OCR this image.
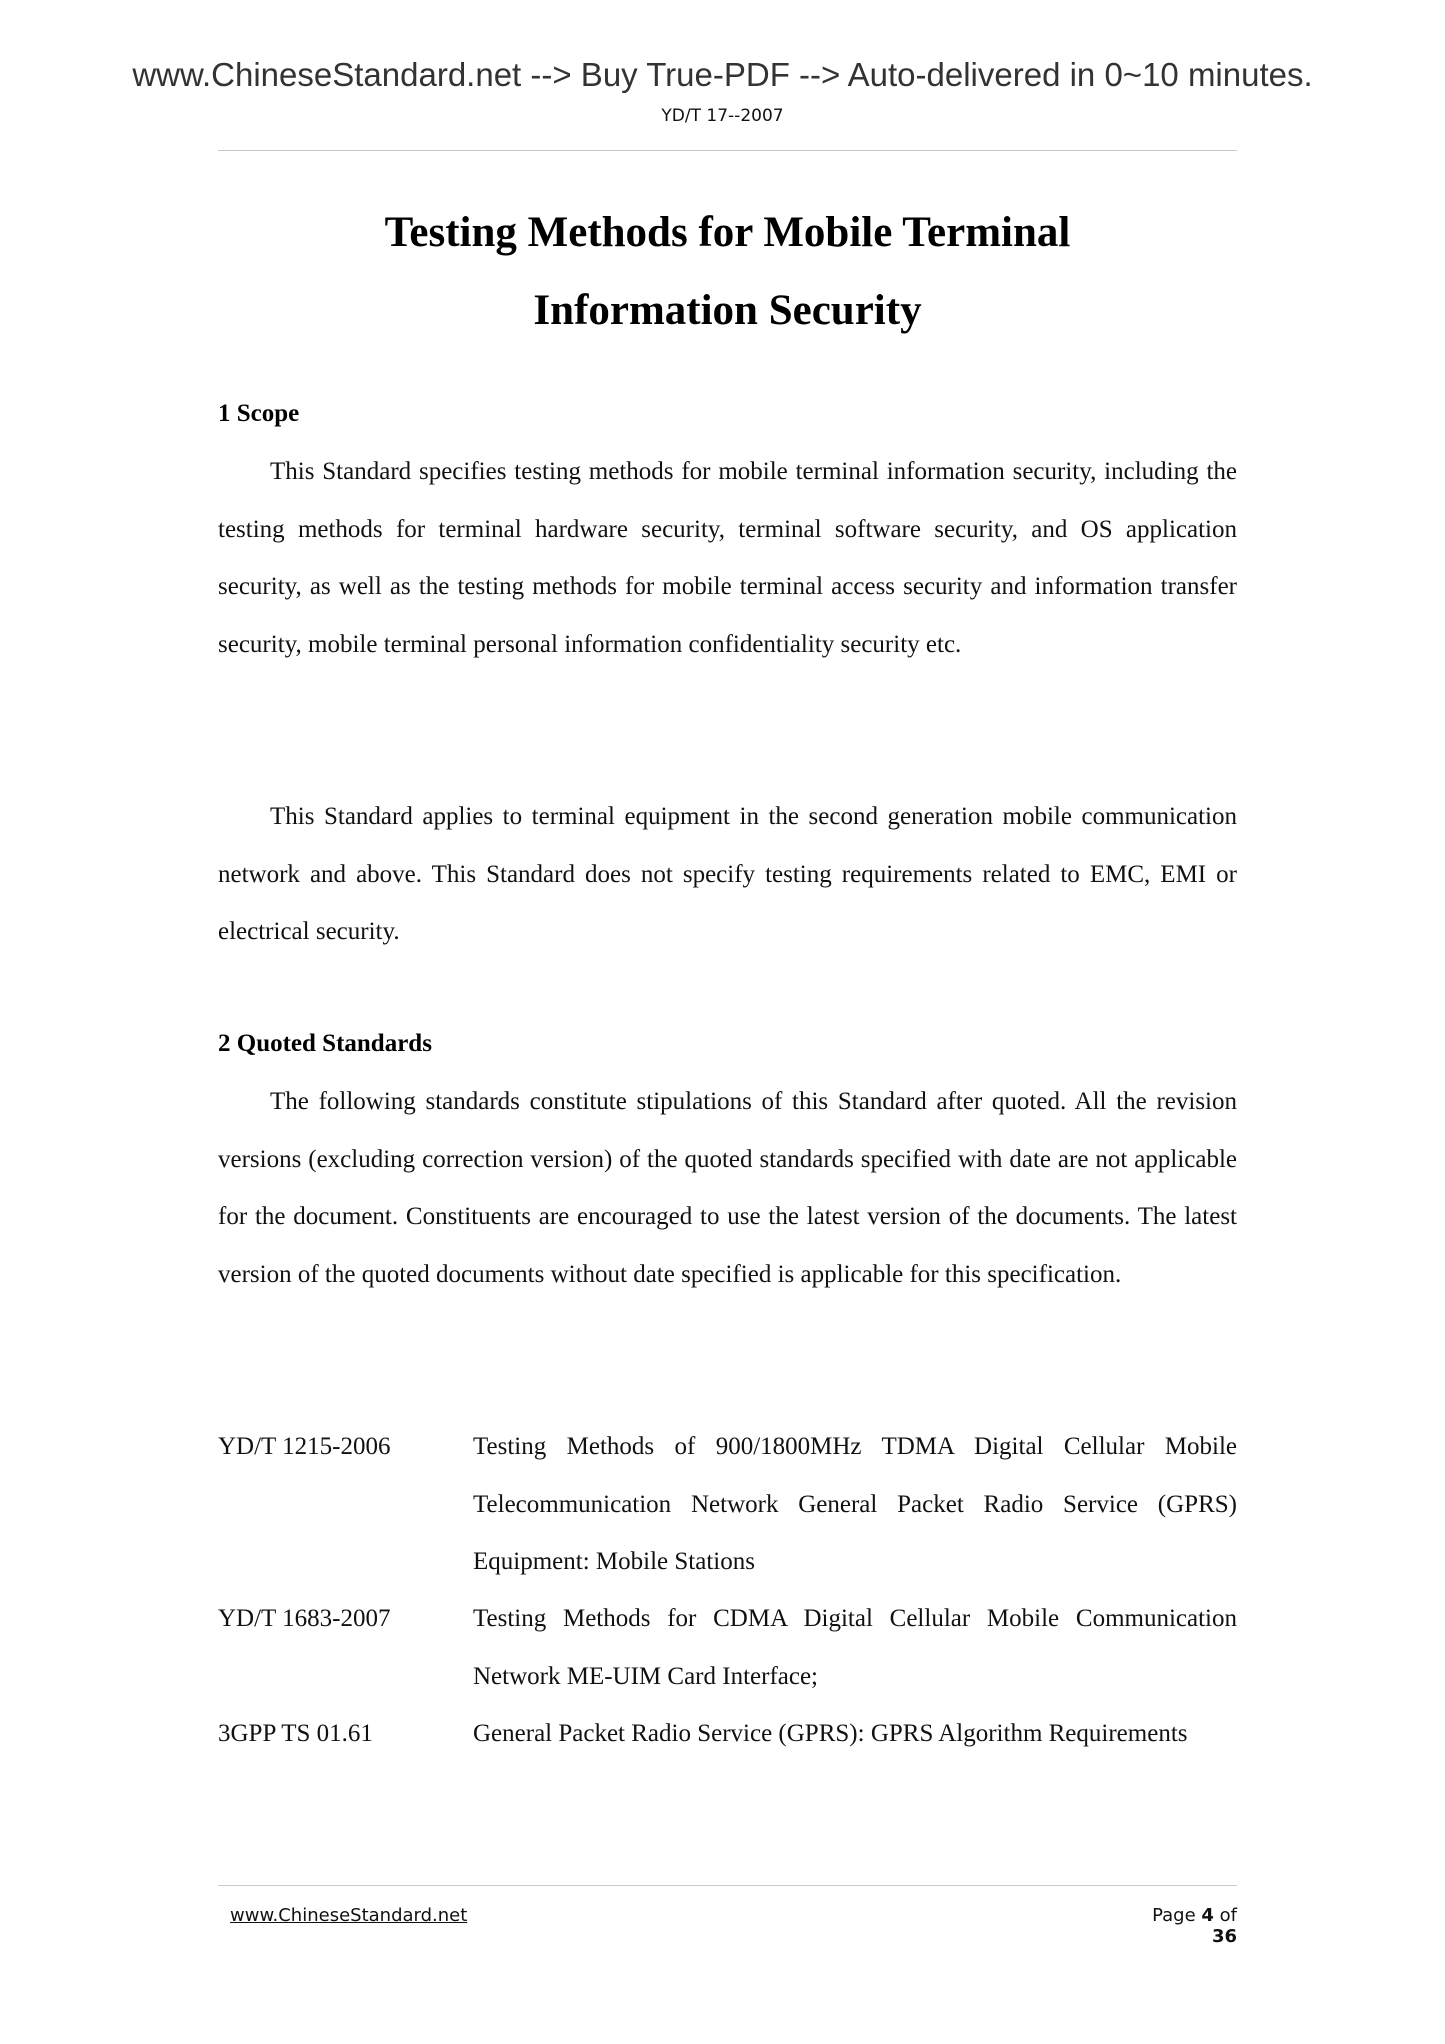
www.ChineseStandard.net --> Buy True-PDF --> Auto-delivered in 0~10 minutes.
YD/T 17--2007
Testing Methods for Mobile Terminal
Information Security
1 Scope

This Standard specifies testing methods for mobile terminal information security, including the testing methods for terminal hardware security, terminal software security, and OS application security, as well as the testing methods for mobile terminal access security and information transfer security, mobile terminal personal information confidentiality security etc.

This Standard applies to terminal equipment in the second generation mobile communication network and above. This Standard does not specify testing requirements related to EMC, EMI or electrical security.

2 Quoted Standards

The following standards constitute stipulations of this Standard after quoted. All the revision versions (excluding correction version) of the quoted standards specified with date are not applicable for the document. Constituents are encouraged to use the latest version of the documents. The latest version of the quoted documents without date specified is applicable for this specification.

YD/T 1215-2006	Testing Methods of 900/1800MHz TDMA Digital Cellular Mobile Telecommunication Network General Packet Radio Service (GPRS) Equipment: Mobile Stations
YD/T 1683-2007	Testing Methods for CDMA Digital Cellular Mobile Communication Network ME-UIM Card Interface;
3GPP TS 01.61	General Packet Radio Service (GPRS): GPRS Algorithm Requirements
www.ChineseStandard.net	Page 4 of 36
